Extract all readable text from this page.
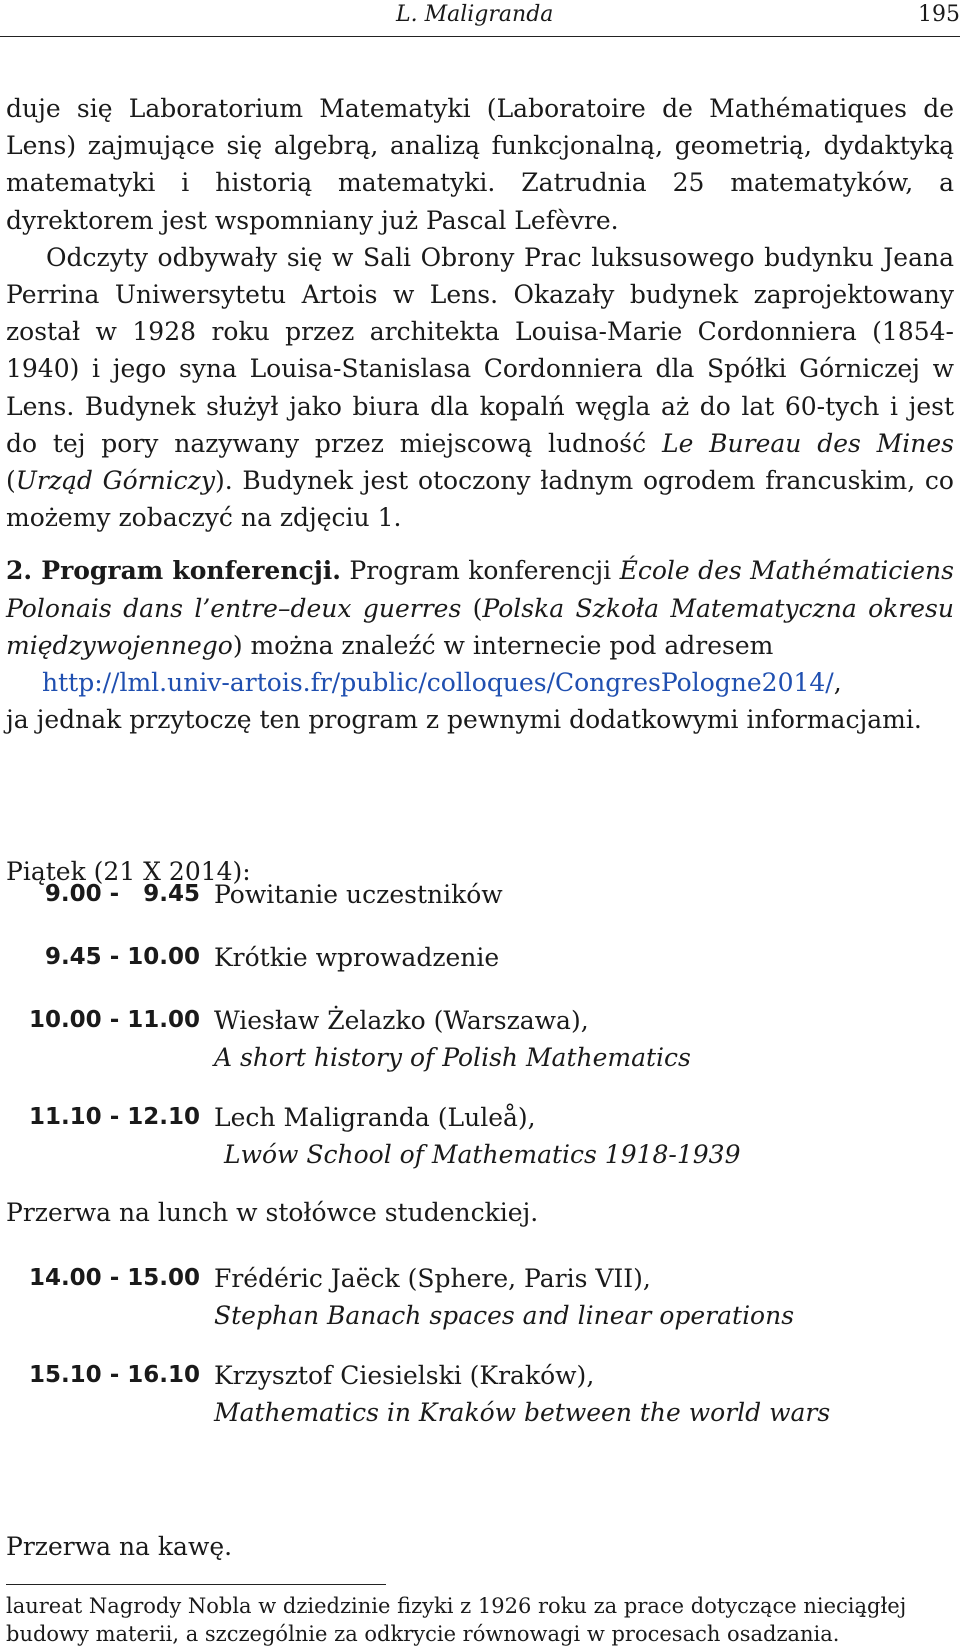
L. Maligranda	195

duje się Laboratorium Matematyki (Laboratoire de Mathématiques de Lens) zajmujące się algebrą, analizą funkcjonalną, geometrią, dydaktyką matematyki i historią matematyki. Zatrudnia 25 matematyków, a dyrektorem jest wspomniany już Pascal Lefèvre.

Odczyty odbywały się w Sali Obrony Prac luksusowego budynku Jeana Perrina Uniwersytetu Artois w Lens. Okazały budynek zaprojektowany został w 1928 roku przez architekta Louisa-Marie Cordonniera (1854-1940) i jego syna Louisa-Stanislasa Cordonniera dla Spółki Górniczej w Lens. Budynek służył jako biura dla kopalń węgla aż do lat 60-tych i jest do tej pory nazywany przez miejscową ludność Le Bureau des Mines (Urząd Górniczy). Budynek jest otoczony ładnym ogrodem francuskim, co możemy zobaczyć na zdjęciu 1.

2. Program konferencji. Program konferencji École des Mathématiciens Polonais dans l’entre–deux guerres (Polska Szkoła Matematyczna okresu międzywojennego) można znaleźć w internecie pod adresem
http://lml.univ-artois.fr/public/colloques/CongresPologne2014/,
ja jednak przytoczę ten program z pewnymi dodatkowymi informacjami.

Piątek (21 X 2014):
9.00 -   9.45 Powitanie uczestników
9.45 - 10.00 Krótkie wprowadzenie
10.00 - 11.00 Wiesław Żelazko (Warszawa),
A short history of Polish Mathematics
11.10 - 12.10 Lech Maligranda (Luleå),
Lwów School of Mathematics 1918-1939
Przerwa na lunch w stołówce studenckiej.
14.00 - 15.00 Frédéric Jaëck (Sphere, Paris VII),
Stephan Banach spaces and linear operations
15.10 - 16.10 Krzysztof Ciesielski (Kraków),
Mathematics in Kraków between the world wars
Przerwa na kawę.

laureat Nagrody Nobla w dziedzinie fizyki z 1926 roku za prace dotyczące niecią̧głej

budowy materii, a szczególnie za odkrycie równowagi w procesach osadzania.
